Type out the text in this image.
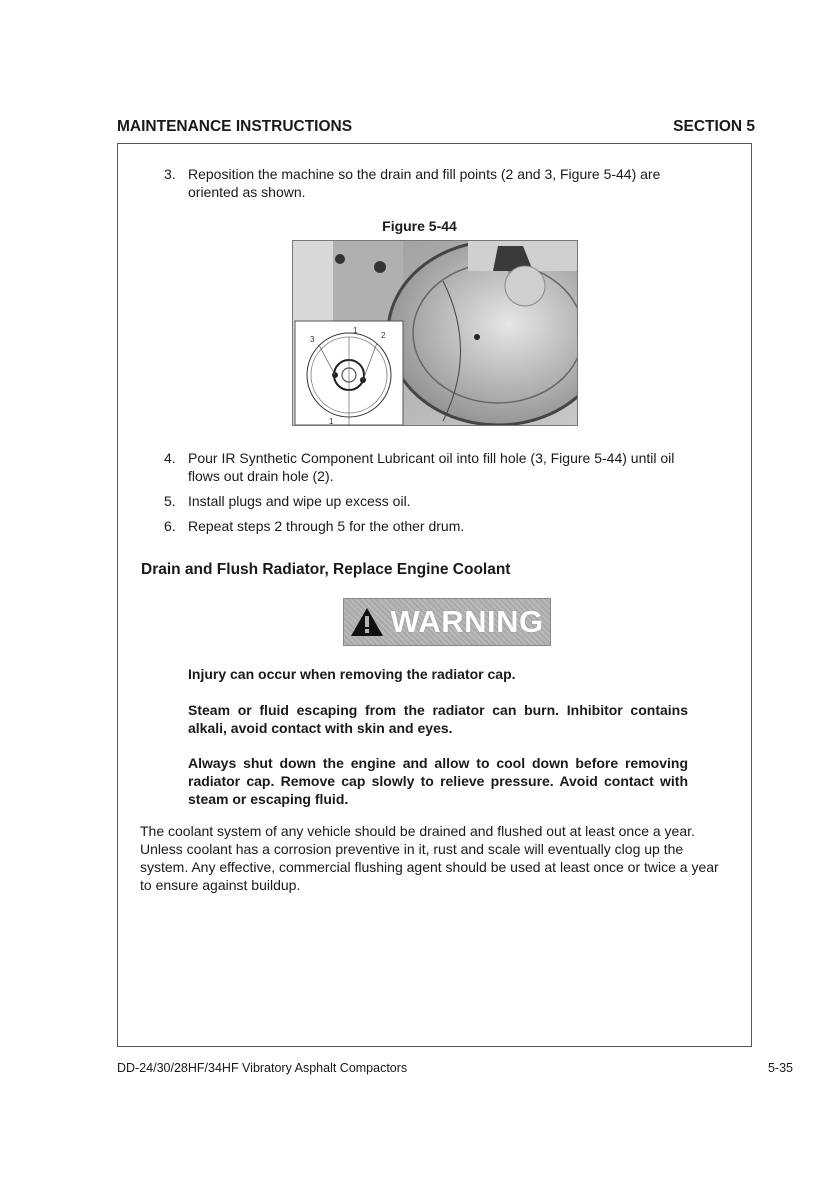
MAINTENANCE INSTRUCTIONS	SECTION 5
3. Reposition the machine so the drain and fill points (2 and 3, Figure 5-44) are oriented as shown.
Figure 5-44
3
1
2
1
4. Pour IR Synthetic Component Lubricant oil into fill hole (3, Figure 5-44) until oil flows out drain hole (2).
5. Install plugs and wipe up excess oil.
6. Repeat steps 2 through 5 for the other drum.
Drain and Flush Radiator, Replace Engine Coolant
WARNING
Injury can occur when removing the radiator cap.
Steam or fluid escaping from the radiator can burn. Inhibitor contains alkali, avoid contact with skin and eyes.
Always shut down the engine and allow to cool down before removing radiator cap. Remove cap slowly to relieve pressure. Avoid contact with steam or escaping fluid.
The coolant system of any vehicle should be drained and flushed out at least once a year. Unless coolant has a corrosion preventive in it, rust and scale will eventually clog up the system. Any effective, commercial flushing agent should be used at least once or twice a year to ensure against buildup.
DD-24/30/28HF/34HF Vibratory Asphalt Compactors	5-35
